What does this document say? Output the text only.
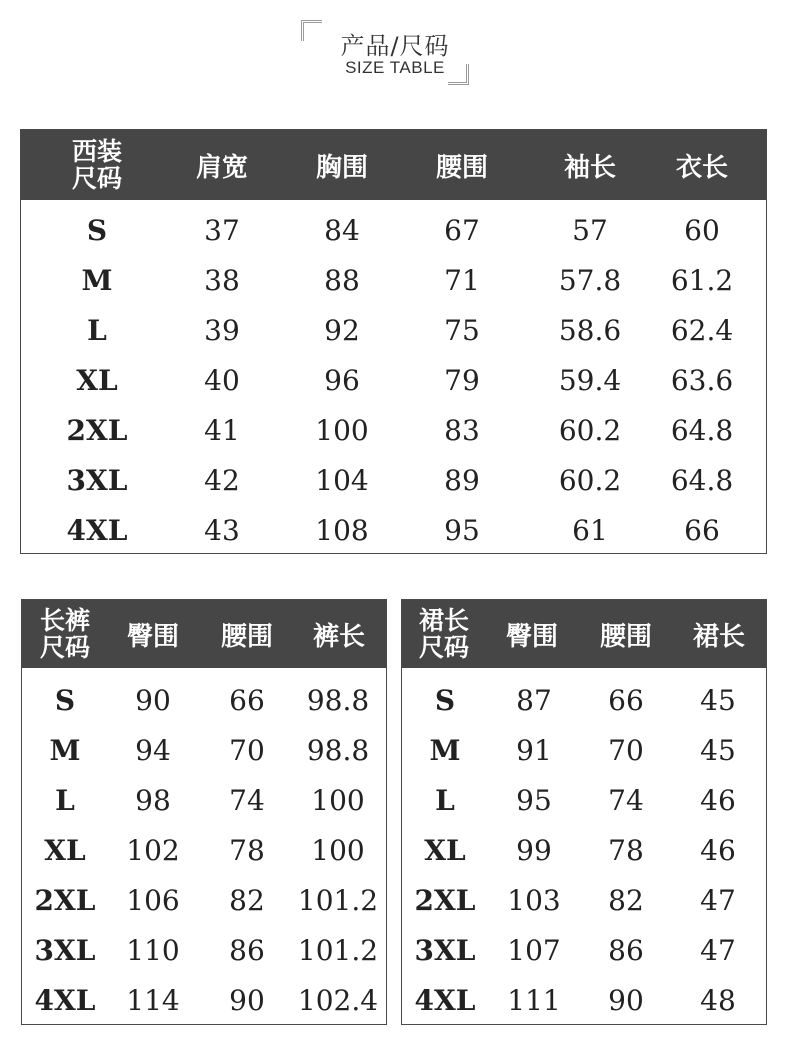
产品/尺码
SIZE TABLE
西装
尺码	肩宽	胸围	腰围	袖长	衣长
S	37	84	67	57	60
M	38	88	71	57.8	61.2
L	39	92	75	58.6	62.4
XL	40	96	79	59.4	63.6
2XL	41	100	83	60.2	64.8
3XL	42	104	89	60.2	64.8
4XL	43	108	95	61	66
长裤
尺码	臀围	腰围	裤长
S	90	66	98.8
M	94	70	98.8
L	98	74	100
XL	102	78	100
2XL	106	82	101.2
3XL	110	86	101.2
4XL	114	90	102.4
裙长
尺码	臀围	腰围	裙长
S	87	66	45
M	91	70	45
L	95	74	46
XL	99	78	46
2XL	103	82	47
3XL	107	86	47
4XL	111	90	48
